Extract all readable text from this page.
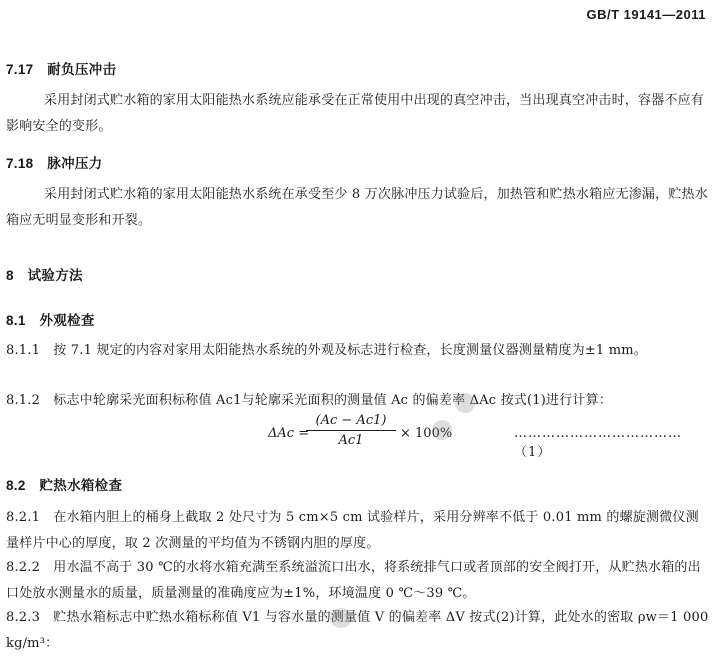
GB/T 19141—2011
7.17　耐负压冲击
采用封闭式贮水箱的家用太阳能热水系统应能承受在正常使用中出现的真空冲击，当出现真空冲击时，容器不应有影响安全的变形。
7.18　脉冲压力
采用封闭式贮水箱的家用太阳能热水系统在承受至少 8 万次脉冲压力试验后，加热管和贮热水箱应无渗漏，贮热水箱应无明显变形和开裂。
8　试验方法
8.1　外观检查
8.1.1　按 7.1 规定的内容对家用太阳能热水系统的外观及标志进行检查，长度测量仪器测量精度为±1 mm。
8.1.2　标志中轮廓采光面积标称值 Ac1与轮廓采光面积的测量值 Ac 的偏差率 ΔAc 按式(1)进行计算：
ΔAc =
$\frac{(Ac - Ac1)}{Ac1} \times 100\%$	………………………………（1）
8.2　贮热水箱检查
8.2.1　在水箱内胆上的桶身上截取 2 处尺寸为 5 cm×5 cm 试验样片，采用分辨率不低于 0.01 mm 的螺旋测微仪测量样片中心的厚度，取 2 次测量的平均值为不锈钢内胆的厚度。
8.2.2　用水温不高于 30 ℃的水将水箱充满至系统溢流口出水，将系统排气口或者顶部的安全阀打开，从贮热水箱的出口处放水测量水的质量，质量测量的准确度应为±1%，环境温度 0 ℃～39 ℃。
8.2.3　贮热水箱标志中贮热水箱标称值 V1 与容水量的测量值 V 的偏差率 ΔV 按式(2)计算，此处水的密取 ρw＝1 000 kg/m³：
